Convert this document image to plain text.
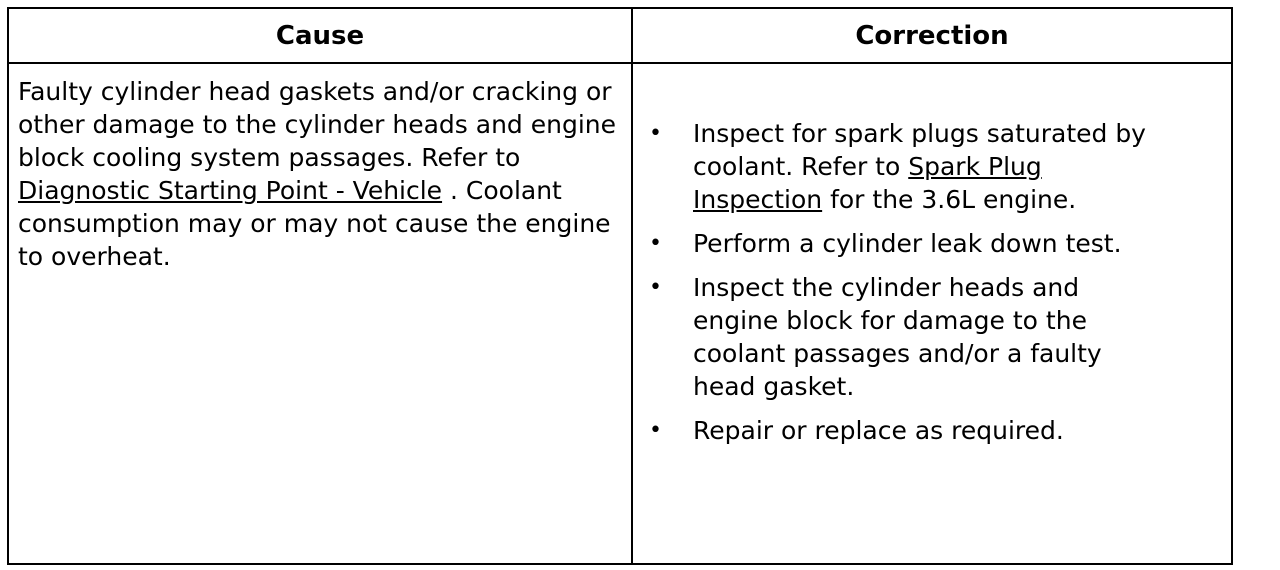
Cause	Correction
Faulty cylinder head gaskets and/or cracking or other damage to the cylinder heads and engine block cooling system passages. Refer to Diagnostic Starting Point - Vehicle . Coolant consumption may or may not cause the engine to overheat.
• Inspect for spark plugs saturated by coolant. Refer to Spark Plug Inspection for the 3.6L engine.
• Perform a cylinder leak down test.
• Inspect the cylinder heads and engine block for damage to the coolant passages and/or a faulty head gasket.
• Repair or replace as required.
